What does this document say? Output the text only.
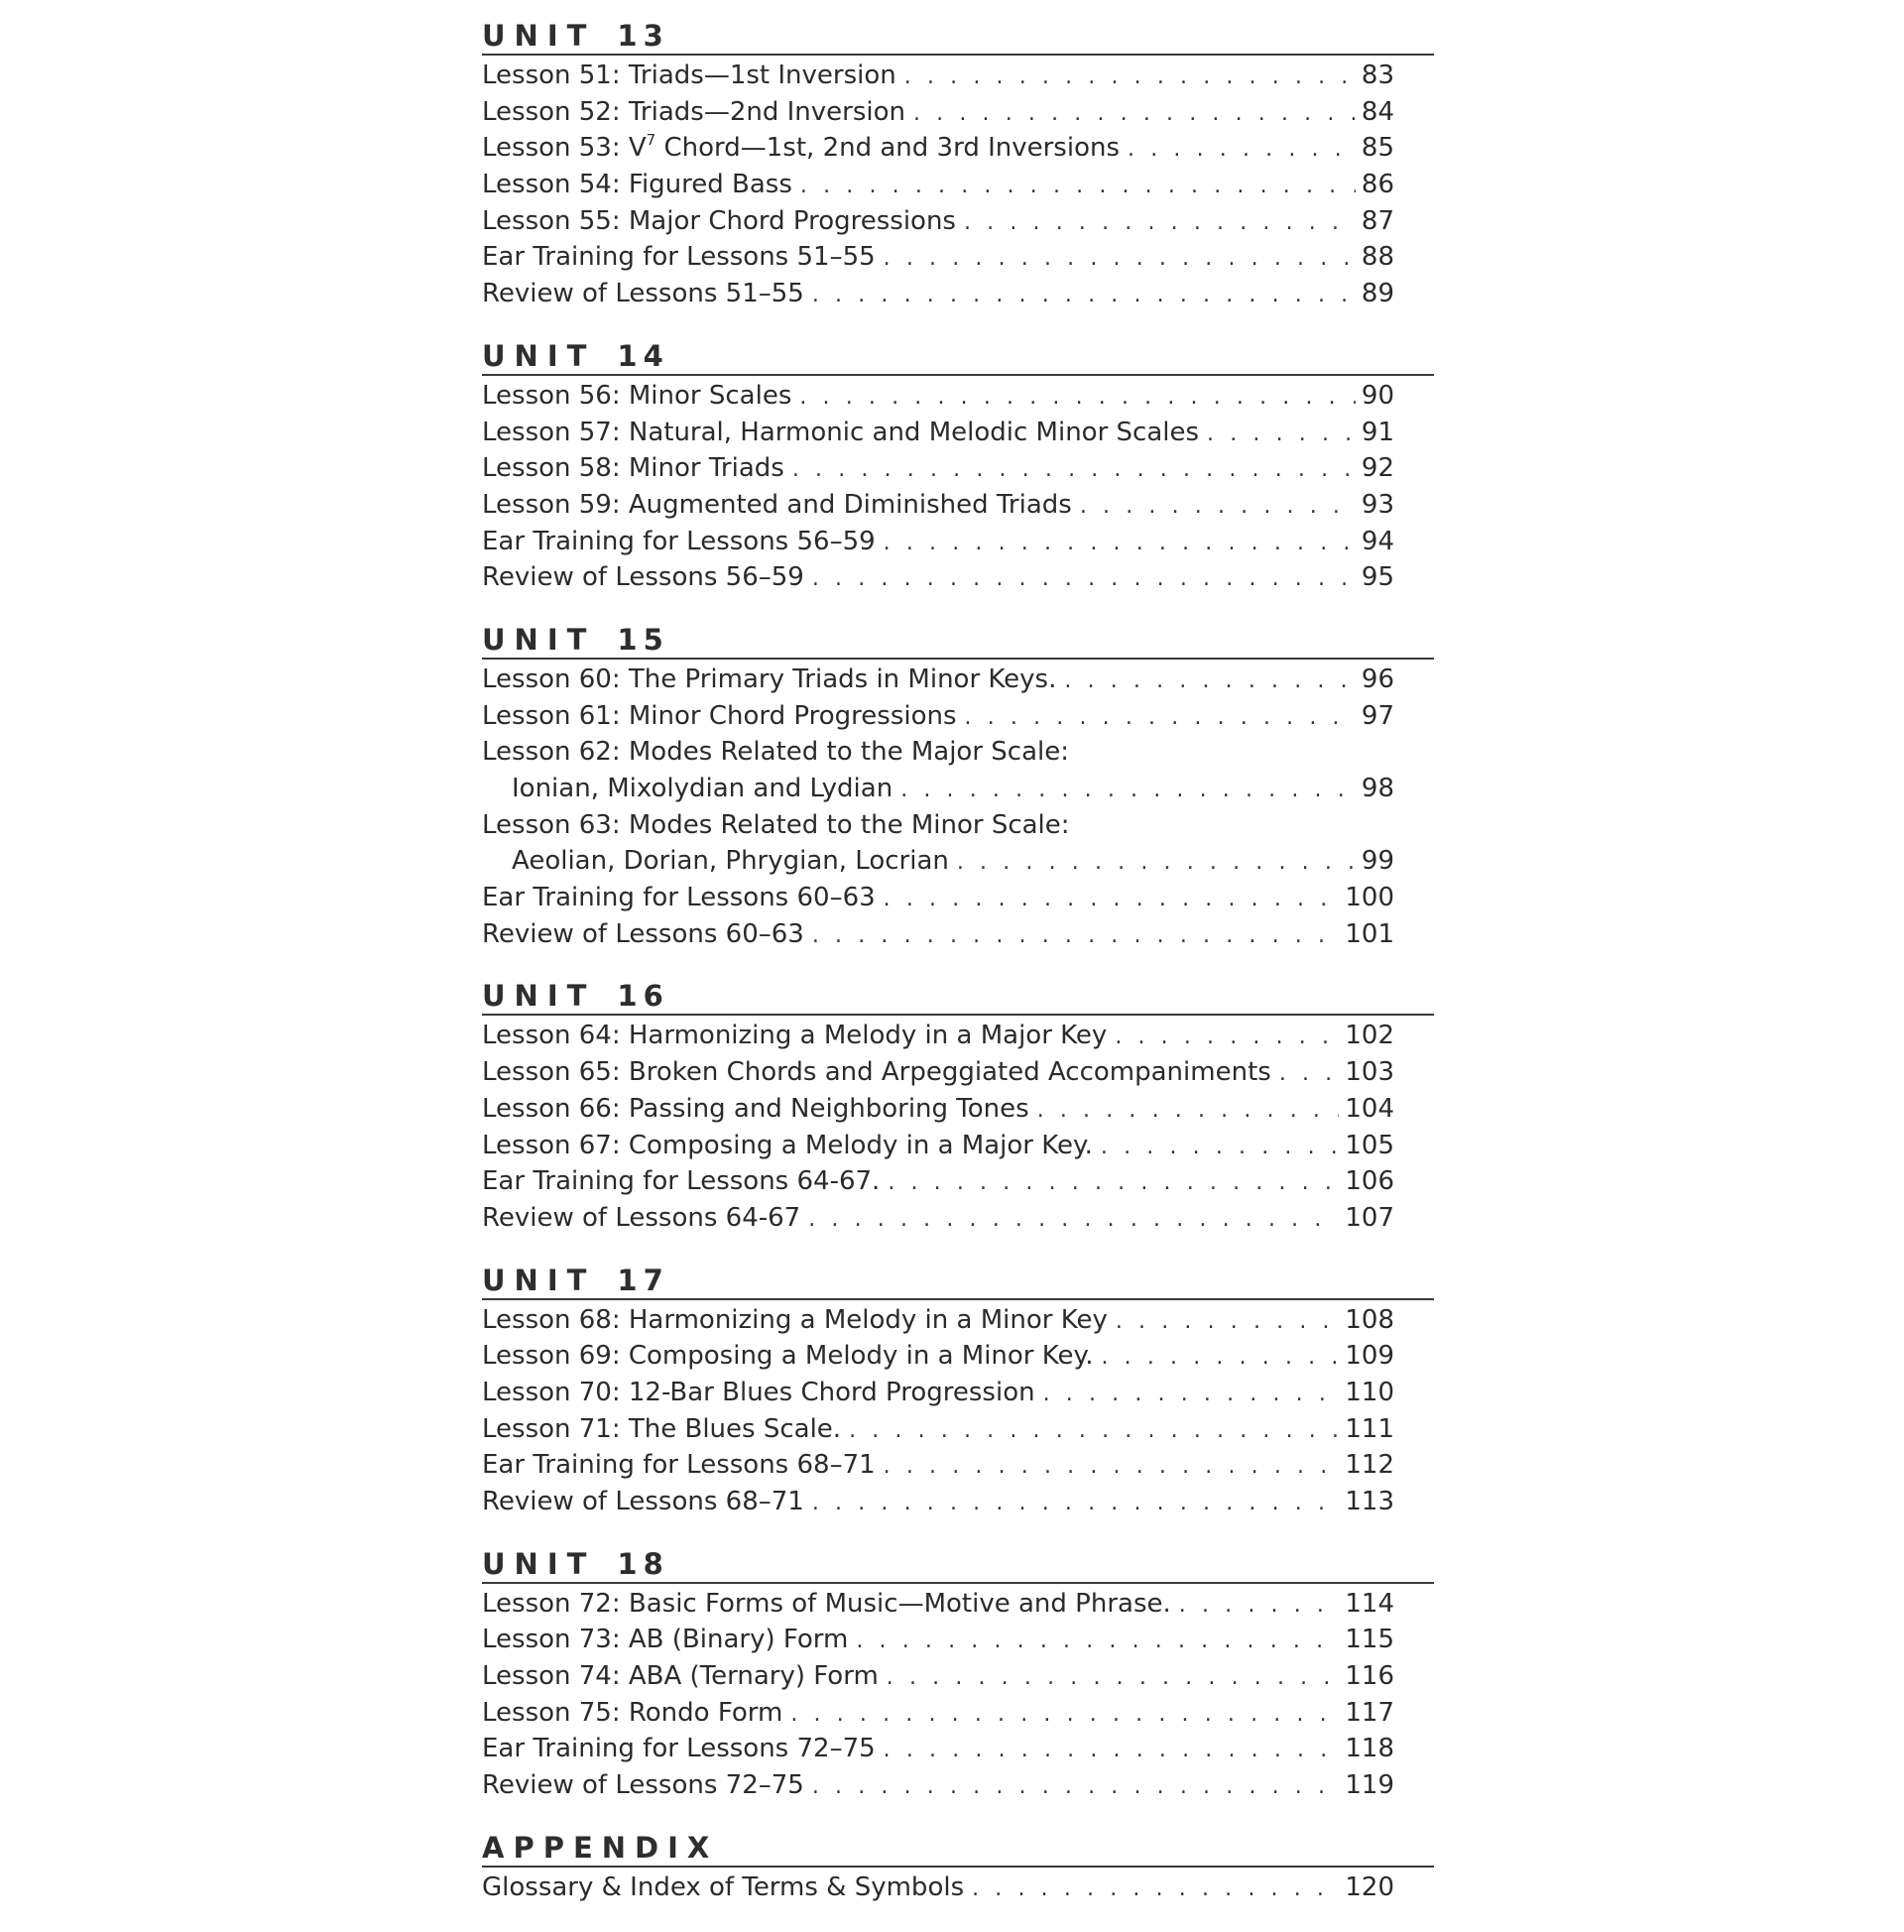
UNIT 13
Lesson 51: Triads—1st Inversion . . .	83
Lesson 52: Triads—2nd Inversion . . .	84
Lesson 53: $V^7$ Chord—1st, 2nd and 3rd Inversions . . .	85
Lesson 54: Figured Bass . . .	86
Lesson 55: Major Chord Progressions . . .	87
Ear Training for Lessons 51–55 . . .	88
Review of Lessons 51–55 . . .	89
UNIT 14
Lesson 56: Minor Scales . . .	90
Lesson 57: Natural, Harmonic and Melodic Minor Scales . . .	91
Lesson 58: Minor Triads . . .	92
Lesson 59: Augmented and Diminished Triads . . .	93
Ear Training for Lessons 56–59 . . .	94
Review of Lessons 56–59 . . .	95
UNIT 15
Lesson 60: The Primary Triads in Minor Keys. . . .	96
Lesson 61: Minor Chord Progressions . . .	97
Lesson 62: Modes Related to the Major Scale:
Ionian, Mixolydian and Lydian . . .	98
Lesson 63: Modes Related to the Minor Scale:
Aeolian, Dorian, Phrygian, Locrian . . .	99
Ear Training for Lessons 60–63 . . .	100
Review of Lessons 60–63 . . .	101
UNIT 16
Lesson 64: Harmonizing a Melody in a Major Key . . .	102
Lesson 65: Broken Chords and Arpeggiated Accompaniments . . .	103
Lesson 66: Passing and Neighboring Tones . . .	104
Lesson 67: Composing a Melody in a Major Key. . . .	105
Ear Training for Lessons 64-67. . . .	106
Review of Lessons 64-67 . . .	107
UNIT 17
Lesson 68: Harmonizing a Melody in a Minor Key . . .	108
Lesson 69: Composing a Melody in a Minor Key. . . .	109
Lesson 70: 12-Bar Blues Chord Progression . . .	110
Lesson 71: The Blues Scale. . . .	111
Ear Training for Lessons 68–71 . . .	112
Review of Lessons 68–71 . . .	113
UNIT 18
Lesson 72: Basic Forms of Music—Motive and Phrase. . . .	114
Lesson 73: AB (Binary) Form . . .	115
Lesson 74: ABA (Ternary) Form . . .	116
Lesson 75: Rondo Form . . .	117
Ear Training for Lessons 72–75 . . .	118
Review of Lessons 72–75 . . .	119
APPENDIX
Glossary & Index of Terms & Symbols . . .	120
